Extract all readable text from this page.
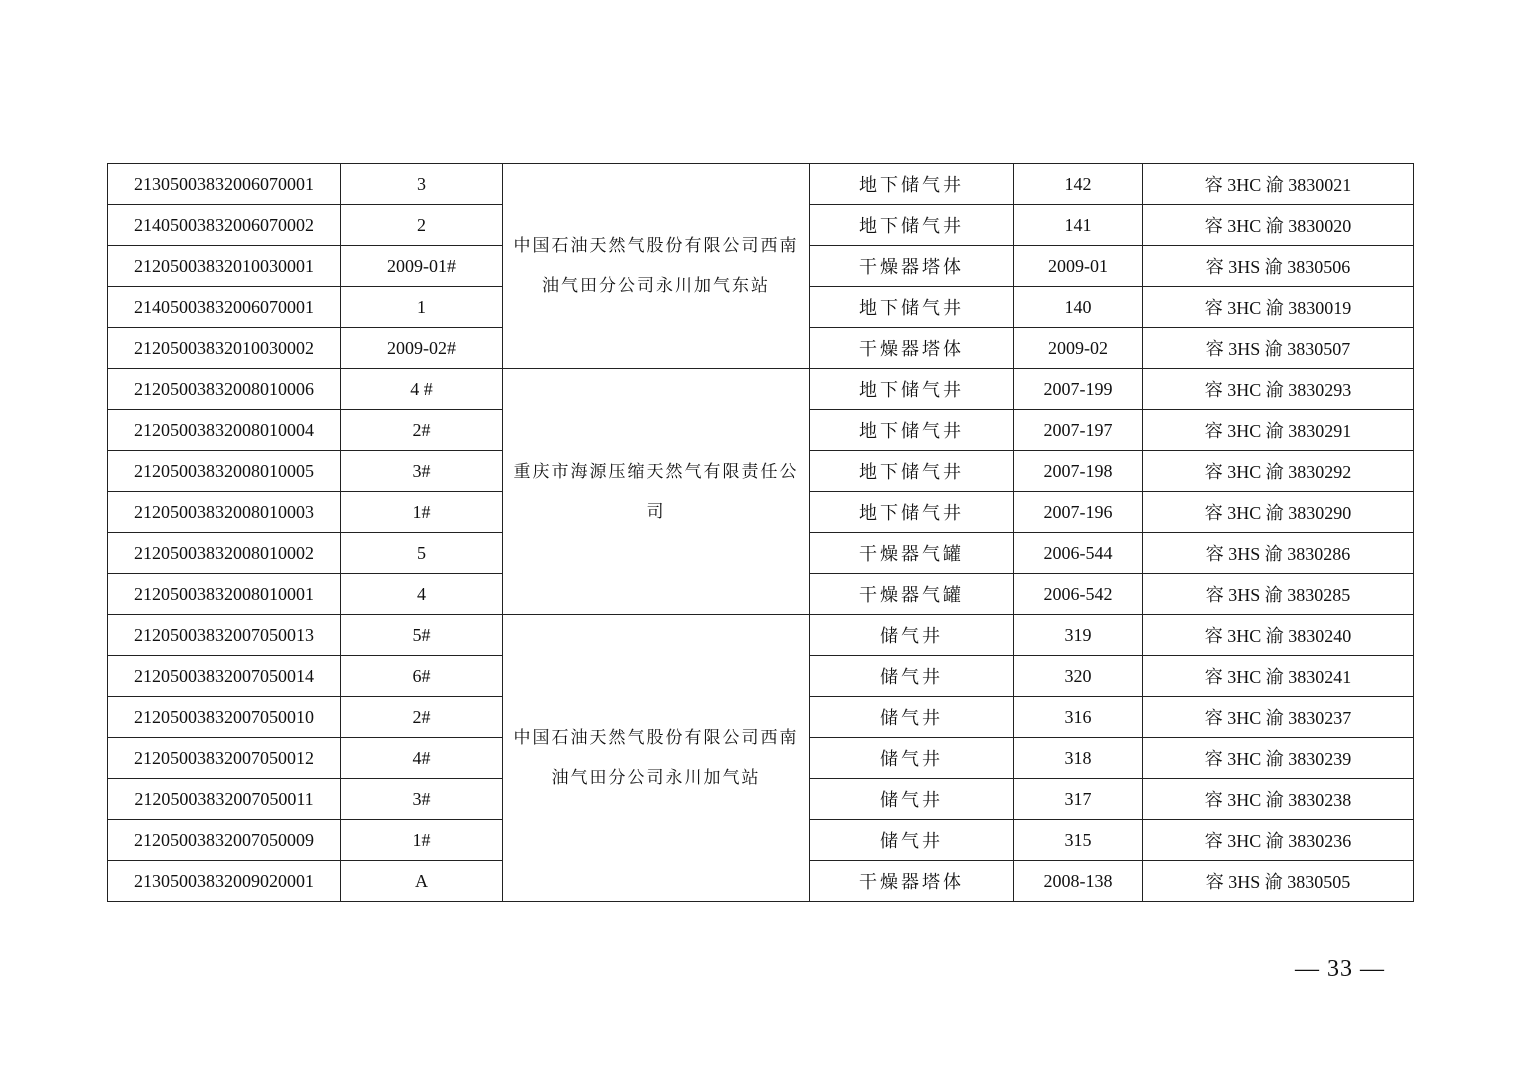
21305003832006070001	3	中国石油天然气股份有限公司西南油气田分公司永川加气东站	地下储气井	142	容 3HC 渝 3830021
21405003832006070002	2		地下储气井	141	容 3HC 渝 3830020
21205003832010030001	2009-01#		干燥器塔体	2009-01	容 3HS 渝 3830506
21405003832006070001	1		地下储气井	140	容 3HC 渝 3830019
21205003832010030002	2009-02#		干燥器塔体	2009-02	容 3HS 渝 3830507
21205003832008010006	4 #	重庆市海源压缩天然气有限责任公司	地下储气井	2007-199	容 3HC 渝 3830293
21205003832008010004	2#		地下储气井	2007-197	容 3HC 渝 3830291
21205003832008010005	3#		地下储气井	2007-198	容 3HC 渝 3830292
21205003832008010003	1#		地下储气井	2007-196	容 3HC 渝 3830290
21205003832008010002	5		干燥器气罐	2006-544	容 3HS 渝 3830286
21205003832008010001	4		干燥器气罐	2006-542	容 3HS 渝 3830285
21205003832007050013	5#	中国石油天然气股份有限公司西南油气田分公司永川加气站	储气井	319	容 3HC 渝 3830240
21205003832007050014	6#		储气井	320	容 3HC 渝 3830241
21205003832007050010	2#		储气井	316	容 3HC 渝 3830237
21205003832007050012	4#		储气井	318	容 3HC 渝 3830239
21205003832007050011	3#		储气井	317	容 3HC 渝 3830238
21205003832007050009	1#		储气井	315	容 3HC 渝 3830236
21305003832009020001	A		干燥器塔体	2008-138	容 3HS 渝 3830505
— 33 —
